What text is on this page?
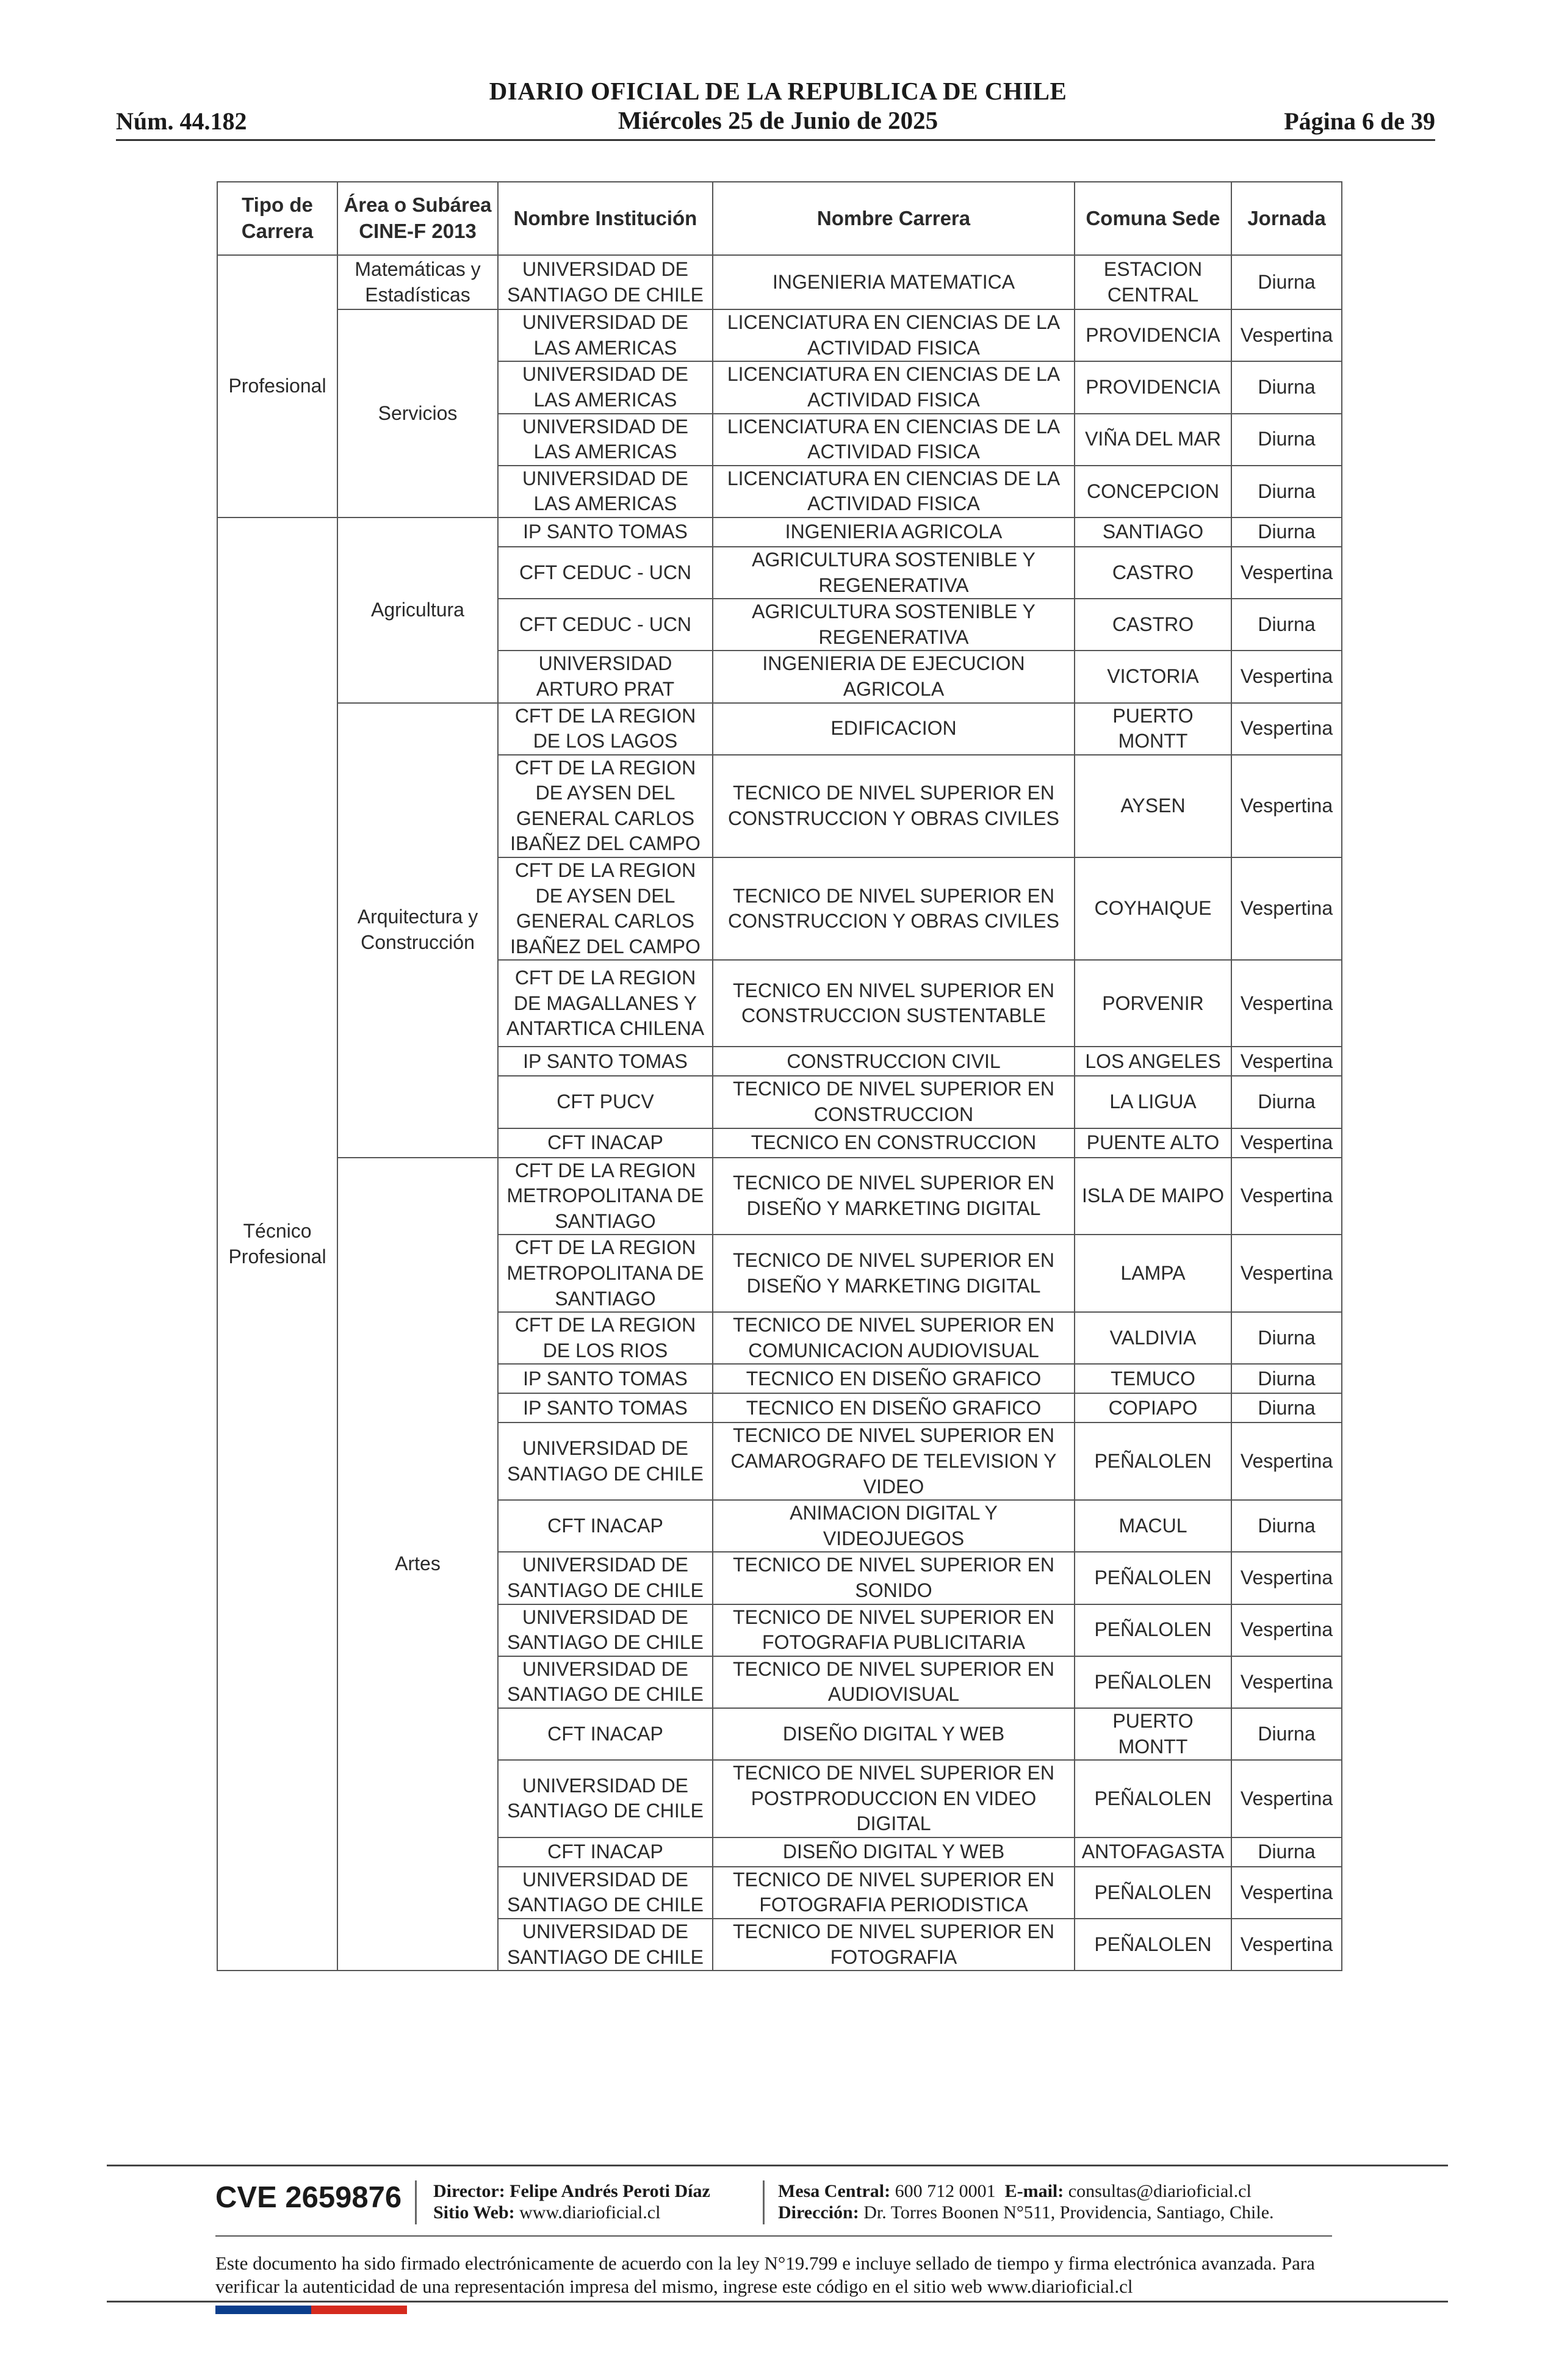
DIARIO OFICIAL DE LA REPUBLICA DE CHILE
Núm. 44.182	Miércoles 25 de Junio de 2025	Página 6 de 39
Tipo de Carrera	Área o Subárea CINE-F 2013	Nombre Institución	Nombre Carrera	Comuna Sede	Jornada
Profesional	Matemáticas y Estadísticas	UNIVERSIDAD DE SANTIAGO DE CHILE	INGENIERIA MATEMATICA	ESTACION CENTRAL	Diurna
	Servicios	UNIVERSIDAD DE LAS AMERICAS	LICENCIATURA EN CIENCIAS DE LA ACTIVIDAD FISICA	PROVIDENCIA	Vespertina
		UNIVERSIDAD DE LAS AMERICAS	LICENCIATURA EN CIENCIAS DE LA ACTIVIDAD FISICA	PROVIDENCIA	Diurna
		UNIVERSIDAD DE LAS AMERICAS	LICENCIATURA EN CIENCIAS DE LA ACTIVIDAD FISICA	VIÑA DEL MAR	Diurna
		UNIVERSIDAD DE LAS AMERICAS	LICENCIATURA EN CIENCIAS DE LA ACTIVIDAD FISICA	CONCEPCION	Diurna
Técnico Profesional	Agricultura	IP SANTO TOMAS	INGENIERIA AGRICOLA	SANTIAGO	Diurna
		CFT CEDUC - UCN	AGRICULTURA SOSTENIBLE Y REGENERATIVA	CASTRO	Vespertina
		CFT CEDUC - UCN	AGRICULTURA SOSTENIBLE Y REGENERATIVA	CASTRO	Diurna
		UNIVERSIDAD ARTURO PRAT	INGENIERIA DE EJECUCION AGRICOLA	VICTORIA	Vespertina
	Arquitectura y Construcción	CFT DE LA REGION DE LOS LAGOS	EDIFICACION	PUERTO MONTT	Vespertina
		CFT DE LA REGION DE AYSEN DEL GENERAL CARLOS IBAÑEZ DEL CAMPO	TECNICO DE NIVEL SUPERIOR EN CONSTRUCCION Y OBRAS CIVILES	AYSEN	Vespertina
		CFT DE LA REGION DE AYSEN DEL GENERAL CARLOS IBAÑEZ DEL CAMPO	TECNICO DE NIVEL SUPERIOR EN CONSTRUCCION Y OBRAS CIVILES	COYHAIQUE	Vespertina
		CFT DE LA REGION DE MAGALLANES Y ANTARTICA CHILENA	TECNICO EN NIVEL SUPERIOR EN CONSTRUCCION SUSTENTABLE	PORVENIR	Vespertina
		IP SANTO TOMAS	CONSTRUCCION CIVIL	LOS ANGELES	Vespertina
		CFT PUCV	TECNICO DE NIVEL SUPERIOR EN CONSTRUCCION	LA LIGUA	Diurna
		CFT INACAP	TECNICO EN CONSTRUCCION	PUENTE ALTO	Vespertina
	Artes	CFT DE LA REGION METROPOLITANA DE SANTIAGO	TECNICO DE NIVEL SUPERIOR EN DISEÑO Y MARKETING DIGITAL	ISLA DE MAIPO	Vespertina
		CFT DE LA REGION METROPOLITANA DE SANTIAGO	TECNICO DE NIVEL SUPERIOR EN DISEÑO Y MARKETING DIGITAL	LAMPA	Vespertina
		CFT DE LA REGION DE LOS RIOS	TECNICO DE NIVEL SUPERIOR EN COMUNICACION AUDIOVISUAL	VALDIVIA	Diurna
		IP SANTO TOMAS	TECNICO EN DISEÑO GRAFICO	TEMUCO	Diurna
		IP SANTO TOMAS	TECNICO EN DISEÑO GRAFICO	COPIAPO	Diurna
		UNIVERSIDAD DE SANTIAGO DE CHILE	TECNICO DE NIVEL SUPERIOR EN CAMAROGRAFO DE TELEVISION Y VIDEO	PEÑALOLEN	Vespertina
		CFT INACAP	ANIMACION DIGITAL Y VIDEOJUEGOS	MACUL	Diurna
		UNIVERSIDAD DE SANTIAGO DE CHILE	TECNICO DE NIVEL SUPERIOR EN SONIDO	PEÑALOLEN	Vespertina
		UNIVERSIDAD DE SANTIAGO DE CHILE	TECNICO DE NIVEL SUPERIOR EN FOTOGRAFIA PUBLICITARIA	PEÑALOLEN	Vespertina
		UNIVERSIDAD DE SANTIAGO DE CHILE	TECNICO DE NIVEL SUPERIOR EN AUDIOVISUAL	PEÑALOLEN	Vespertina
		CFT INACAP	DISEÑO DIGITAL Y WEB	PUERTO MONTT	Diurna
		UNIVERSIDAD DE SANTIAGO DE CHILE	TECNICO DE NIVEL SUPERIOR EN POSTPRODUCCION EN VIDEO DIGITAL	PEÑALOLEN	Vespertina
		CFT INACAP	DISEÑO DIGITAL Y WEB	ANTOFAGASTA	Diurna
		UNIVERSIDAD DE SANTIAGO DE CHILE	TECNICO DE NIVEL SUPERIOR EN FOTOGRAFIA PERIODISTICA	PEÑALOLEN	Vespertina
		UNIVERSIDAD DE SANTIAGO DE CHILE	TECNICO DE NIVEL SUPERIOR EN FOTOGRAFIA	PEÑALOLEN	Vespertina
CVE 2659876 Director: Felipe Andrés Peroti Díaz
Sitio Web: www.diarioficial.cl
Mesa Central: 600 712 0001 E-mail: consultas@diarioficial.cl
Dirección: Dr. Torres Boonen N°511, Providencia, Santiago, Chile.
Este documento ha sido firmado electrónicamente de acuerdo con la ley N°19.799 e incluye sellado de tiempo y firma electrónica avanzada. Para verificar la autenticidad de una representación impresa del mismo, ingrese este código en el sitio web www.diarioficial.cl
